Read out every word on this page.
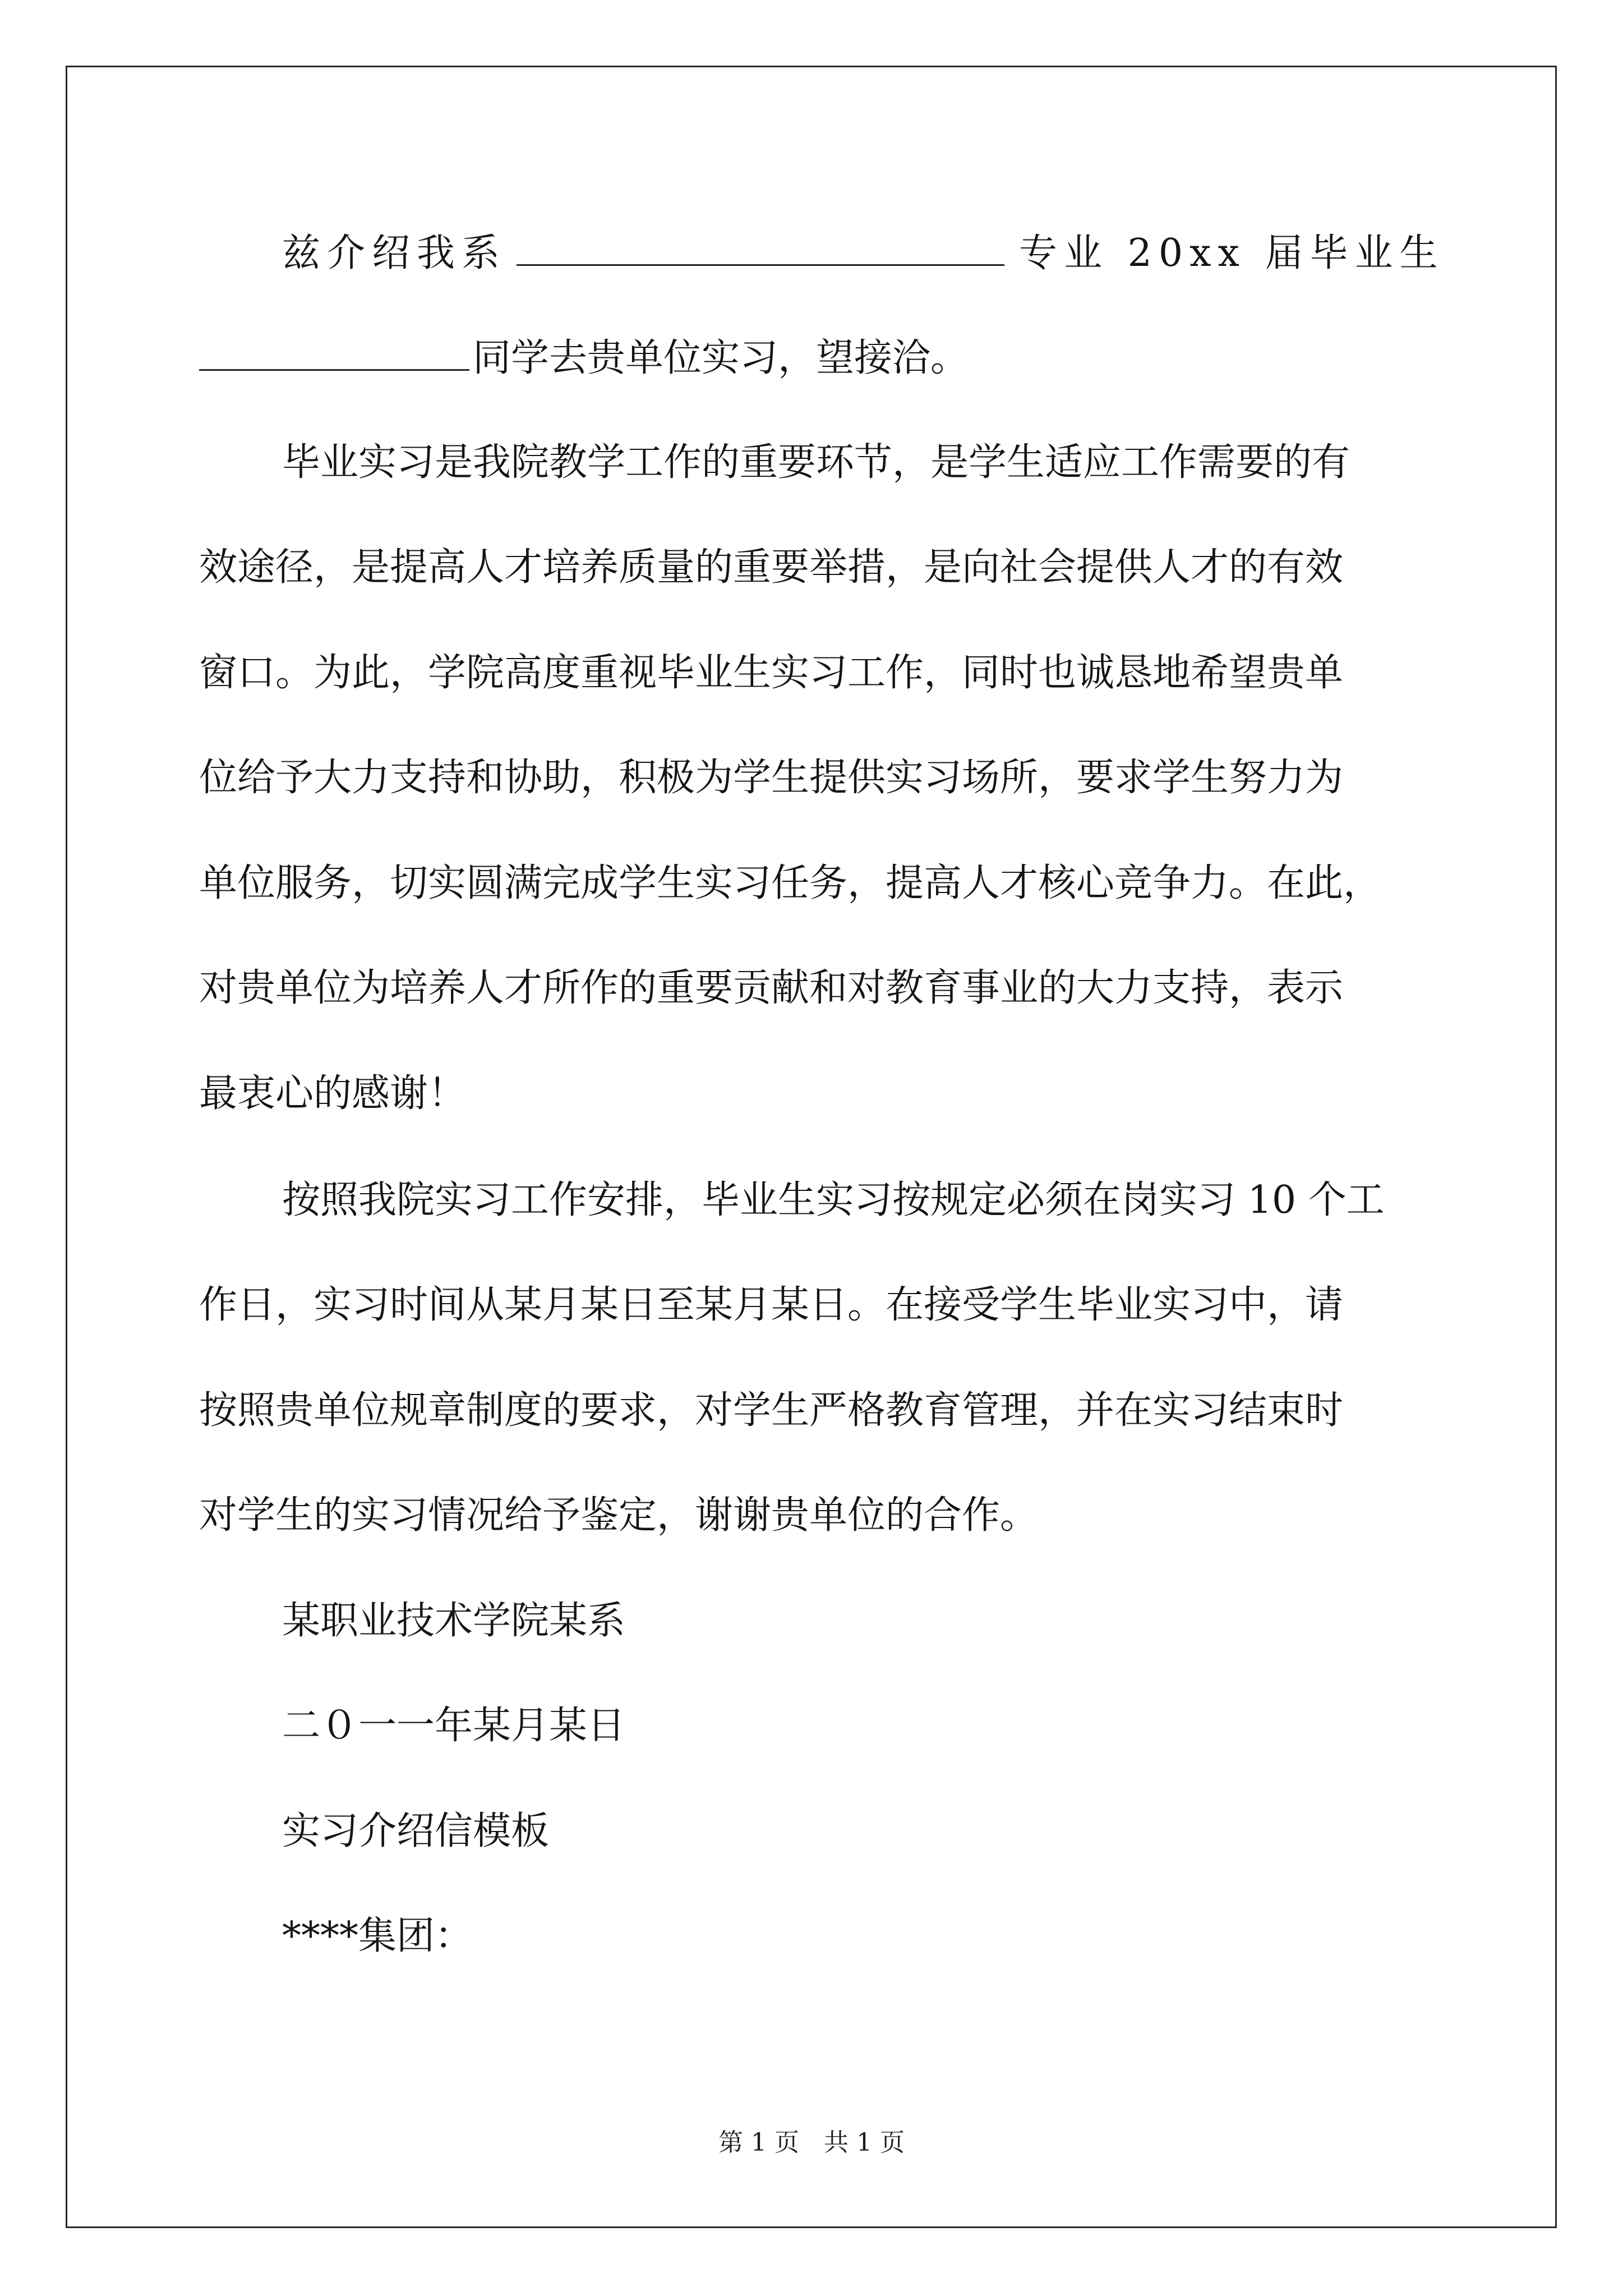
兹介绍我系	专业 20xx 届毕业生
同学去贵单位实习，望接洽。
毕业实习是我院教学工作的重要环节，是学生适应工作需要的有
效途径，是提高人才培养质量的重要举措，是向社会提供人才的有效
窗口。为此，学院高度重视毕业生实习工作，同时也诚恳地希望贵单
位给予大力支持和协助，积极为学生提供实习场所，要求学生努力为
单位服务，切实圆满完成学生实习任务，提高人才核心竞争力。在此，
对贵单位为培养人才所作的重要贡献和对教育事业的大力支持，表示
最衷心的感谢！
按照我院实习工作安排，毕业生实习按规定必须在岗实习 10 个工
作日，实习时间从某月某日至某月某日。在接受学生毕业实习中，请
按照贵单位规章制度的要求，对学生严格教育管理，并在实习结束时
对学生的实习情况给予鉴定，谢谢贵单位的合作。
某职业技术学院某系
二０一一年某月某日
实习介绍信模板
****集团：
第 1 页 共 1 页
